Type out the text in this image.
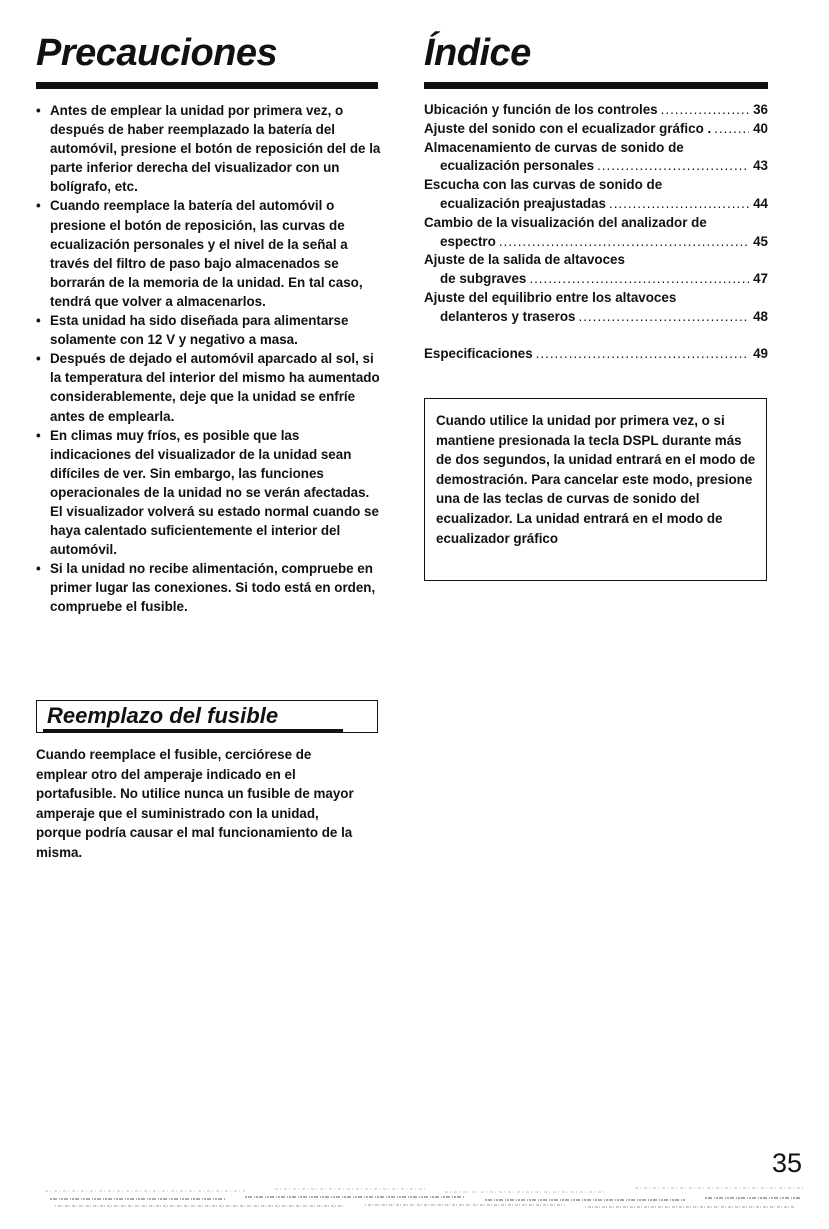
Precauciones
• Antes de emplear la unidad por primera vez, o después de haber reemplazado la batería del automóvil, presione el botón de reposición del de la parte inferior derecha del visualizador con un bolígrafo, etc.
• Cuando reemplace la batería del automóvil o presione el botón de reposición, las curvas de ecualización personales y el nivel de la señal a través del filtro de paso bajo almacenados se borrarán de la memoria de la unidad. En tal caso, tendrá que volver a almacenarlos.
• Esta unidad ha sido diseñada para alimentarse solamente con 12 V y negativo a masa.
• Después de dejado el automóvil aparcado al sol, si la temperatura del interior del mismo ha aumentado considerablemente, deje que la unidad se enfríe antes de emplearla.
• En climas muy fríos, es posible que las indicaciones del visualizador de la unidad sean difíciles de ver. Sin embargo, las funciones operacionales de la unidad no se verán afectadas. El visualizador volverá su estado normal cuando se haya calentado suficientemente el interior del automóvil.
• Si la unidad no recibe alimentación, compruebe en primer lugar las conexiones. Si todo está en orden, compruebe el fusible.
Reemplazo del fusible
Cuando reemplace el fusible, cerciórese de emplear otro del amperaje indicado en el portafusible. No utilice nunca un fusible de mayor amperaje que el suministrado con la unidad, porque podría causar el mal funcionamiento de la misma.
Índice
Ubicación y función de los controles .....	36
Ajuste del sonido con el ecualizador gráfico . .....	40
Almacenamiento de curvas de sonido de
ecualización personales .....	43
Escucha con las curvas de sonido de
ecualización preajustadas .....	44
Cambio de la visualización del analizador de
espectro .....	45
Ajuste de la salida de altavoces
de subgraves .....	47
Ajuste del equilibrio entre los altavoces
delanteros y traseros .....	48
Especificaciones .....	49
Cuando utilice la unidad por primera vez, o si mantiene presionada la tecla DSPL durante más de dos segundos, la unidad entrará en el modo de demostración. Para cancelar este modo, presione una de las teclas de curvas de sonido del ecualizador. La unidad entrará en el modo de ecualizador gráfico
35
